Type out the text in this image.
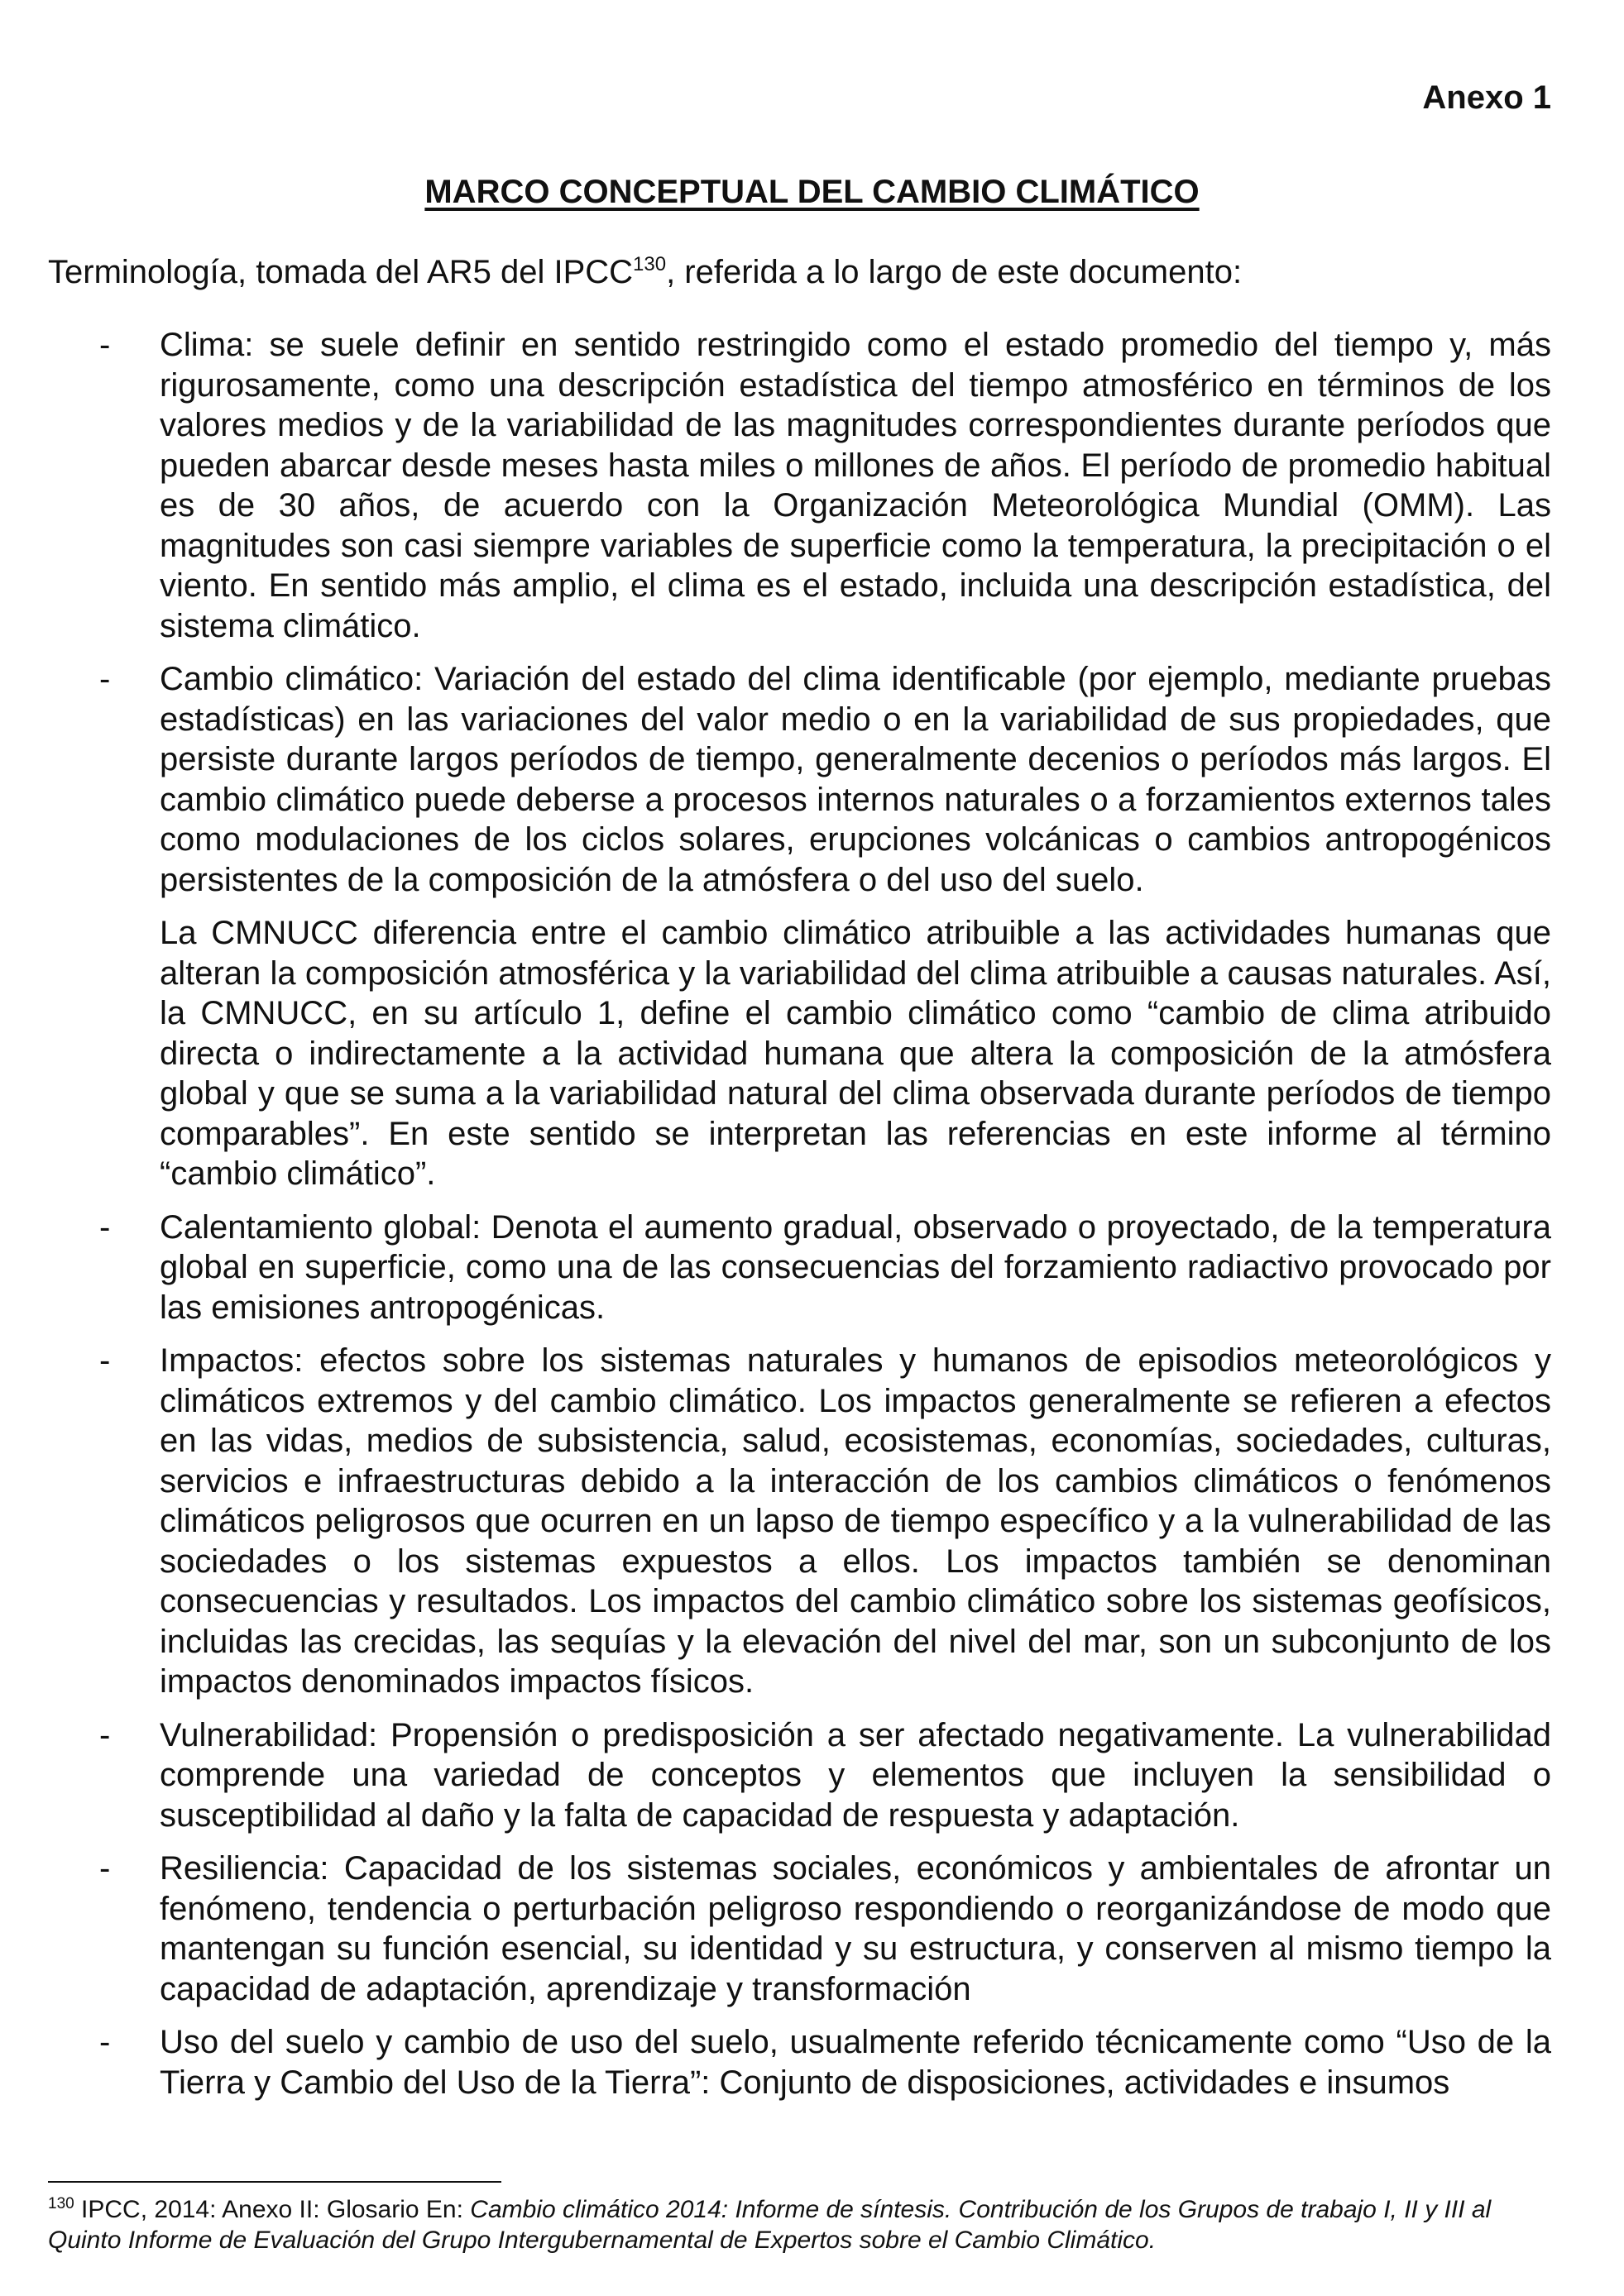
Anexo 1
MARCO CONCEPTUAL DEL CAMBIO CLIMÁTICO

Terminología, tomada del AR5 del IPCC$^{130}$, referida a lo largo de este documento:

- Clima: se suele definir en sentido restringido como el estado promedio del tiempo y, más rigurosamente, como una descripción estadística del tiempo atmosférico en términos de los valores medios y de la variabilidad de las magnitudes correspondientes durante períodos que pueden abarcar desde meses hasta miles o millones de años. El período de promedio habitual es de 30 años, de acuerdo con la Organización Meteorológica Mundial (OMM). Las magnitudes son casi siempre variables de superficie como la temperatura, la precipitación o el viento. En sentido más amplio, el clima es el estado, incluida una descripción estadística, del sistema climático.

- Cambio climático: Variación del estado del clima identificable (por ejemplo, mediante pruebas estadísticas) en las variaciones del valor medio o en la variabilidad de sus propiedades, que persiste durante largos períodos de tiempo, generalmente decenios o períodos más largos. El cambio climático puede deberse a procesos internos naturales o a forzamientos externos tales como modulaciones de los ciclos solares, erupciones volcánicas o cambios antropogénicos persistentes de la composición de la atmósfera o del uso del suelo.

La CMNUCC diferencia entre el cambio climático atribuible a las actividades humanas que alteran la composición atmosférica y la variabilidad del clima atribuible a causas naturales. Así, la CMNUCC, en su artículo 1, define el cambio climático como “cambio de clima atribuido directa o indirectamente a la actividad humana que altera la composición de la atmósfera global y que se suma a la variabilidad natural del clima observada durante períodos de tiempo comparables”. En este sentido se interpretan las referencias en este informe al término “cambio climático”.

- Calentamiento global: Denota el aumento gradual, observado o proyectado, de la temperatura global en superficie, como una de las consecuencias del forzamiento radiactivo provocado por las emisiones antropogénicas.

- Impactos: efectos sobre los sistemas naturales y humanos de episodios meteorológicos y climáticos extremos y del cambio climático. Los impactos generalmente se refieren a efectos en las vidas, medios de subsistencia, salud, ecosistemas, economías, sociedades, culturas, servicios e infraestructuras debido a la interacción de los cambios climáticos o fenómenos climáticos peligrosos que ocurren en un lapso de tiempo específico y a la vulnerabilidad de las sociedades o los sistemas expuestos a ellos. Los impactos también se denominan consecuencias y resultados. Los impactos del cambio climático sobre los sistemas geofísicos, incluidas las crecidas, las sequías y la elevación del nivel del mar, son un subconjunto de los impactos denominados impactos físicos.

- Vulnerabilidad: Propensión o predisposición a ser afectado negativamente. La vulnerabilidad comprende una variedad de conceptos y elementos que incluyen la sensibilidad o susceptibilidad al daño y la falta de capacidad de respuesta y adaptación.

- Resiliencia: Capacidad de los sistemas sociales, económicos y ambientales de afrontar un fenómeno, tendencia o perturbación peligroso respondiendo o reorganizándose de modo que mantengan su función esencial, su identidad y su estructura, y conserven al mismo tiempo la capacidad de adaptación, aprendizaje y transformación

- Uso del suelo y cambio de uso del suelo, usualmente referido técnicamente como “Uso de la Tierra y Cambio del Uso de la Tierra”: Conjunto de disposiciones, actividades e insumos

$^{130}$ IPCC, 2014: Anexo II: Glosario En: Cambio climático 2014: Informe de síntesis. Contribución de los Grupos de trabajo I, II y III al Quinto Informe de Evaluación del Grupo Intergubernamental de Expertos sobre el Cambio Climático.
